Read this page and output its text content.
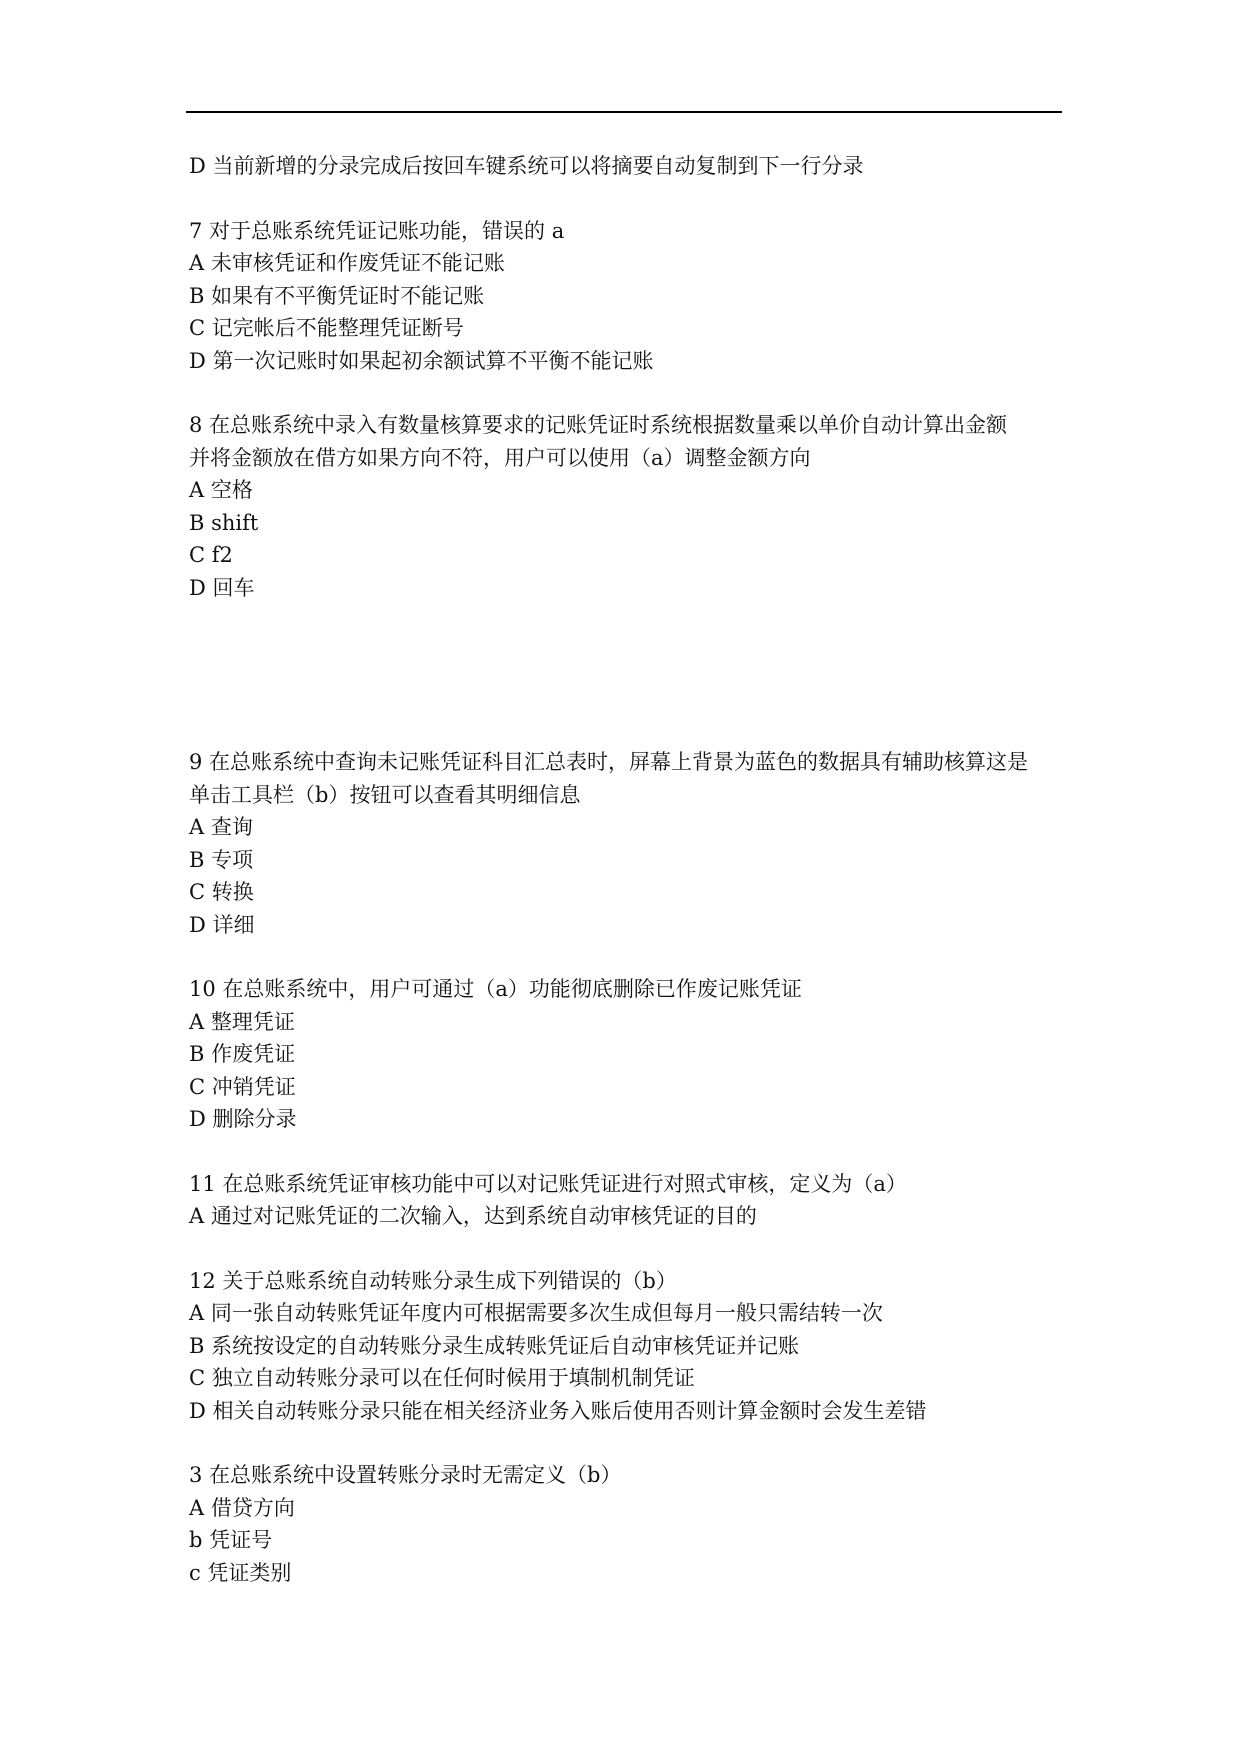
D 当前新增的分录完成后按回车键系统可以将摘要自动复制到下一行分录
7 对于总账系统凭证记账功能，错误的 a
A 未审核凭证和作废凭证不能记账
B 如果有不平衡凭证时不能记账
C 记完帐后不能整理凭证断号
D 第一次记账时如果起初余额试算不平衡不能记账
8 在总账系统中录入有数量核算要求的记账凭证时系统根据数量乘以单价自动计算出金额
并将金额放在借方如果方向不符，用户可以使用（a）调整金额方向
A 空格
B shift
C f2
D 回车
9 在总账系统中查询未记账凭证科目汇总表时，屏幕上背景为蓝色的数据具有辅助核算这是
单击工具栏（b）按钮可以查看其明细信息
A 查询
B 专项
C 转换
D 详细
10 在总账系统中，用户可通过（a）功能彻底删除已作废记账凭证
A 整理凭证
B 作废凭证
C 冲销凭证
D 删除分录
11 在总账系统凭证审核功能中可以对记账凭证进行对照式审核，定义为（a）
A 通过对记账凭证的二次输入，达到系统自动审核凭证的目的
12 关于总账系统自动转账分录生成下列错误的（b）
A 同一张自动转账凭证年度内可根据需要多次生成但每月一般只需结转一次
B 系统按设定的自动转账分录生成转账凭证后自动审核凭证并记账
C 独立自动转账分录可以在任何时候用于填制机制凭证
D 相关自动转账分录只能在相关经济业务入账后使用否则计算金额时会发生差错
3 在总账系统中设置转账分录时无需定义（b）
A 借贷方向
b 凭证号
c 凭证类别
